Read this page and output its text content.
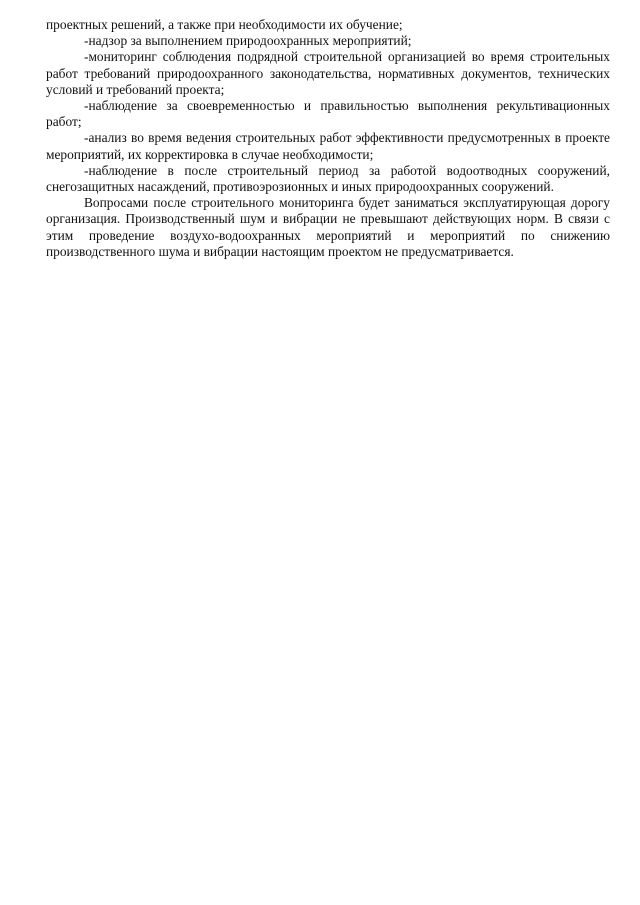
проектных решений, а также при необходимости их обучение;

-надзор за выполнением природоохранных мероприятий;

-мониторинг соблюдения подрядной строительной организацией во время строительных работ требований природоохранного законодательства, нормативных документов, технических условий и требований проекта;

-наблюдение за своевременностью и правильностью выполнения рекультивационных работ;

-анализ во время ведения строительных работ эффективности предусмотренных в проекте мероприятий, их корректировка в случае необходимости;

-наблюдение в после строительный период за работой водоотводных сооружений, снегозащитных насаждений, противоэрозионных и иных природоохранных сооружений.

Вопросами после строительного мониторинга будет заниматься эксплуатирующая дорогу организация. Производственный шум и вибрации не превышают действующих норм. В связи с этим проведение воздухо-водоохранных мероприятий и мероприятий по снижению производственного шума и вибрации настоящим проектом не предусматривается.
